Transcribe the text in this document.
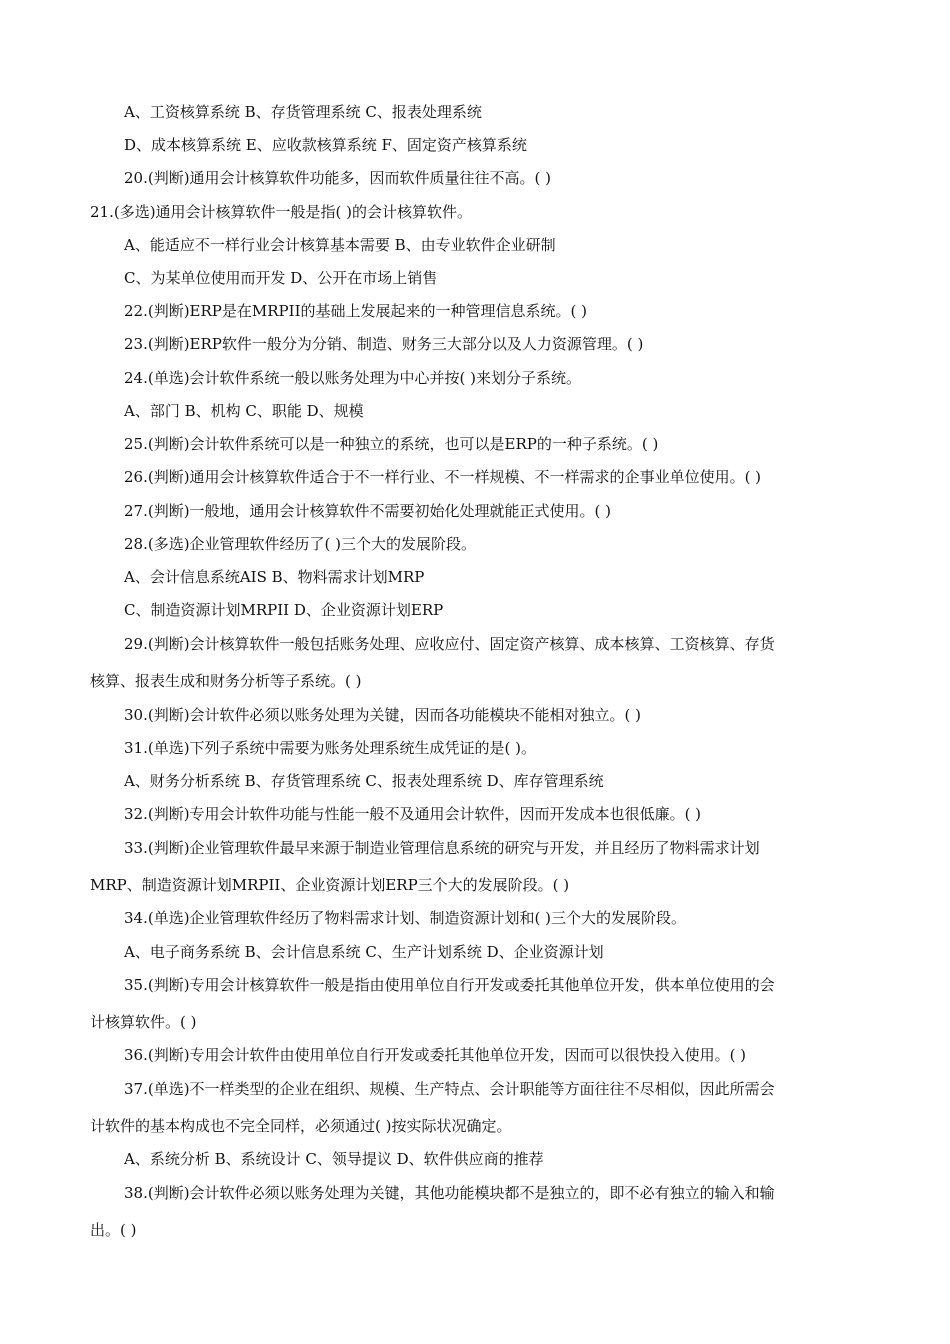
A、工资核算系统 B、存货管理系统 C、报表处理系统
D、成本核算系统 E、应收款核算系统 F、固定资产核算系统
20.(判断)通用会计核算软件功能多，因而软件质量往往不高。( )
21.(多选)通用会计核算软件一般是指( )的会计核算软件。
A、能适应不一样行业会计核算基本需要 B、由专业软件企业研制
C、为某单位使用而开发 D、公开在市场上销售
22.(判断)ERP是在MRPII的基础上发展起来的一种管理信息系统。( )
23.(判断)ERP软件一般分为分销、制造、财务三大部分以及人力资源管理。( )
24.(单选)会计软件系统一般以账务处理为中心并按( )来划分子系统。
A、部门 B、机构 C、职能 D、规模
25.(判断)会计软件系统可以是一种独立的系统，也可以是ERP的一种子系统。( )
26.(判断)通用会计核算软件适合于不一样行业、不一样规模、不一样需求的企事业单位使用。( )
27.(判断)一般地，通用会计核算软件不需要初始化处理就能正式使用。( )
28.(多选)企业管理软件经历了( )三个大的发展阶段。
A、会计信息系统AIS B、物料需求计划MRP
C、制造资源计划MRPII D、企业资源计划ERP
29.(判断)会计核算软件一般包括账务处理、应收应付、固定资产核算、成本核算、工资核算、存货
核算、报表生成和财务分析等子系统。( )
30.(判断)会计软件必须以账务处理为关键，因而各功能模块不能相对独立。( )
31.(单选)下列子系统中需要为账务处理系统生成凭证的是( )。
A、财务分析系统 B、存货管理系统 C、报表处理系统 D、库存管理系统
32.(判断)专用会计软件功能与性能一般不及通用会计软件，因而开发成本也很低廉。( )
33.(判断)企业管理软件最早来源于制造业管理信息系统的研究与开发，并且经历了物料需求计划
MRP、制造资源计划MRPII、企业资源计划ERP三个大的发展阶段。( )
34.(单选)企业管理软件经历了物料需求计划、制造资源计划和( )三个大的发展阶段。
A、电子商务系统 B、会计信息系统 C、生产计划系统 D、企业资源计划
35.(判断)专用会计核算软件一般是指由使用单位自行开发或委托其他单位开发，供本单位使用的会
计核算软件。( )
36.(判断)专用会计软件由使用单位自行开发或委托其他单位开发，因而可以很快投入使用。( )
37.(单选)不一样类型的企业在组织、规模、生产特点、会计职能等方面往往不尽相似，因此所需会
计软件的基本构成也不完全同样，必须通过( )按实际状况确定。
A、系统分析 B、系统设计 C、领导提议 D、软件供应商的推荐
38.(判断)会计软件必须以账务处理为关键，其他功能模块都不是独立的，即不必有独立的输入和输
出。( )
